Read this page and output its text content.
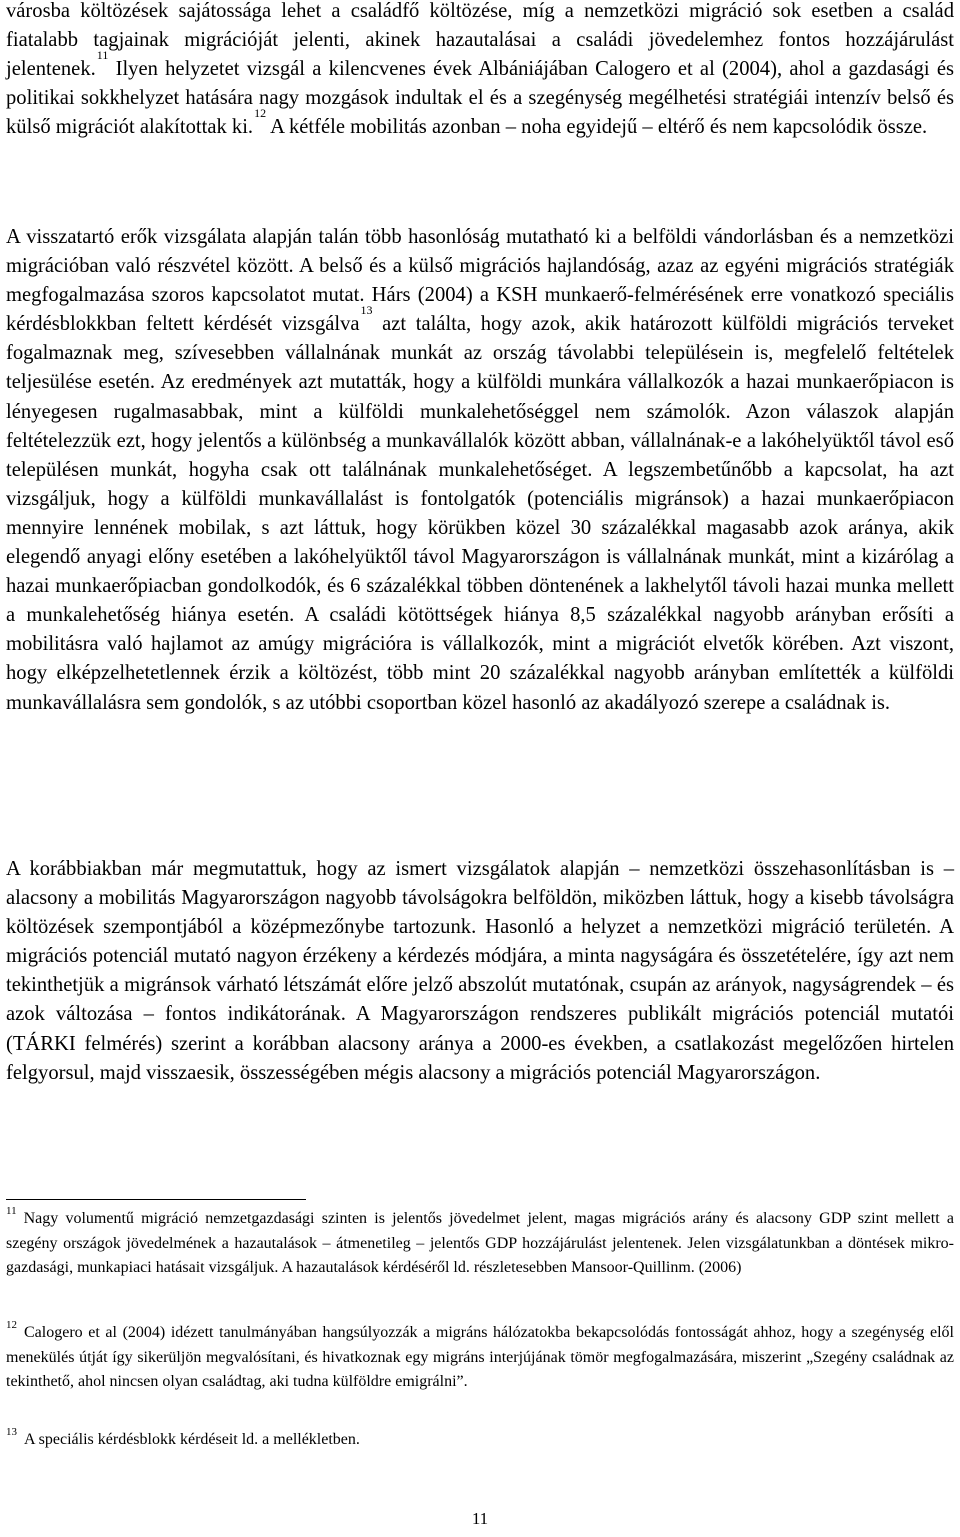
városba költözések sajátossága lehet a családfő költözése, míg a nemzetközi migráció sok esetben a család fiatalabb tagjainak migrációját jelenti, akinek hazautalásai a családi jövedelemhez fontos hozzájárulást jelentenek.$^{11}$ Ilyen helyzetet vizsgál a kilencvenes évek Albániájában Calogero et al (2004), ahol a gazdasági és politikai sokkhelyzet hatására nagy mozgások indultak el és a szegénység megélhetési stratégiái intenzív belső és külső migrációt alakítottak ki.$^{12}$ A kétféle mobilitás azonban – noha egyidejű – eltérő és nem kapcsolódik össze.
A visszatartó erők vizsgálata alapján talán több hasonlóság mutatható ki a belföldi vándorlásban és a nemzetközi migrációban való részvétel között. A belső és a külső migrációs hajlandóság, azaz az egyéni migrációs stratégiák megfogalmazása szoros kapcsolatot mutat. Hárs (2004) a KSH munkaerő-felmérésének erre vonatkozó speciális kérdésblokkban feltett kérdését vizsgálva$^{13}$ azt találta, hogy azok, akik határozott külföldi migrációs terveket fogalmaznak meg, szívesebben vállalnának munkát az ország távolabbi településein is, megfelelő feltételek teljesülése esetén. Az eredmények azt mutatták, hogy a külföldi munkára vállalkozók a hazai munkaerőpiacon is lényegesen rugalmasabbak, mint a külföldi munkalehetőséggel nem számolók. Azon válaszok alapján feltételezzük ezt, hogy jelentős a különbség a munkavállalók között abban, vállalnának-e a lakóhelyüktől távol eső településen munkát, hogyha csak ott találnának munkalehetőséget. A legszembetűnőbb a kapcsolat, ha azt vizsgáljuk, hogy a külföldi munkavállalást is fontolgatók (potenciális migránsok) a hazai munkaerőpiacon mennyire lennének mobilak, s azt láttuk, hogy körükben közel 30 százalékkal magasabb azok aránya, akik elegendő anyagi előny esetében a lakóhelyüktől távol Magyarországon is vállalnának munkát, mint a kizárólag a hazai munkaerőpiacban gondolkodók, és 6 százalékkal többen döntenének a lakhelytől távoli hazai munka mellett a munkalehetőség hiánya esetén. A családi kötöttségek hiánya 8,5 százalékkal nagyobb arányban erősíti a mobilitásra való hajlamot az amúgy migrációra is vállalkozók, mint a migrációt elvetők körében. Azt viszont, hogy elképzelhetetlennek érzik a költözést, több mint 20 százalékkal nagyobb arányban említették a külföldi munkavállalásra sem gondolók, s az utóbbi csoportban közel hasonló az akadályozó szerepe a családnak is.
A korábbiakban már megmutattuk, hogy az ismert vizsgálatok alapján – nemzetközi összehasonlításban is – alacsony a mobilitás Magyarországon nagyobb távolságokra belföldön, miközben láttuk, hogy a kisebb távolságra költözések szempontjából a középmezőnybe tartozunk. Hasonló a helyzet a nemzetközi migráció területén. A migrációs potenciál mutató nagyon érzékeny a kérdezés módjára, a minta nagyságára és összetételére, így azt nem tekinthetjük a migránsok várható létszámát előre jelző abszolút mutatónak, csupán az arányok, nagyságrendek – és azok változása – fontos indikátorának. A Magyarországon rendszeres publikált migrációs potenciál mutatói (TÁRKI felmérés) szerint a korábban alacsony aránya a 2000-es években, a csatlakozást megelőzően hirtelen felgyorsul, majd visszaesik, összességében mégis alacsony a migrációs potenciál Magyarországon.
$^{11}$ Nagy volumentű migráció nemzetgazdasági szinten is jelentős jövedelmet jelent, magas migrációs arány és alacsony GDP szint mellett a szegény országok jövedelmének a hazautalások – átmenetileg – jelentős GDP hozzájárulást jelentenek. Jelen vizsgálatunkban a döntések mikro-gazdasági, munkapiaci hatásait vizsgáljuk. A hazautalások kérdéséről ld. részletesebben Mansoor-Quillinm. (2006)
$^{12}$ Calogero et al (2004) idézett tanulmányában hangsúlyozzák a migráns hálózatokba bekapcsolódás fontosságát ahhoz, hogy a szegénység elől menekülés útját így sikerüljön megvalósítani, és hivatkoznak egy migráns interjújának tömör megfogalmazására, miszerint „Szegény családnak az tekinthető, ahol nincsen olyan családtag, aki tudna külföldre emigrálni”.
$^{13}$ A speciális kérdésblokk kérdéseit ld. a mellékletben.
11
